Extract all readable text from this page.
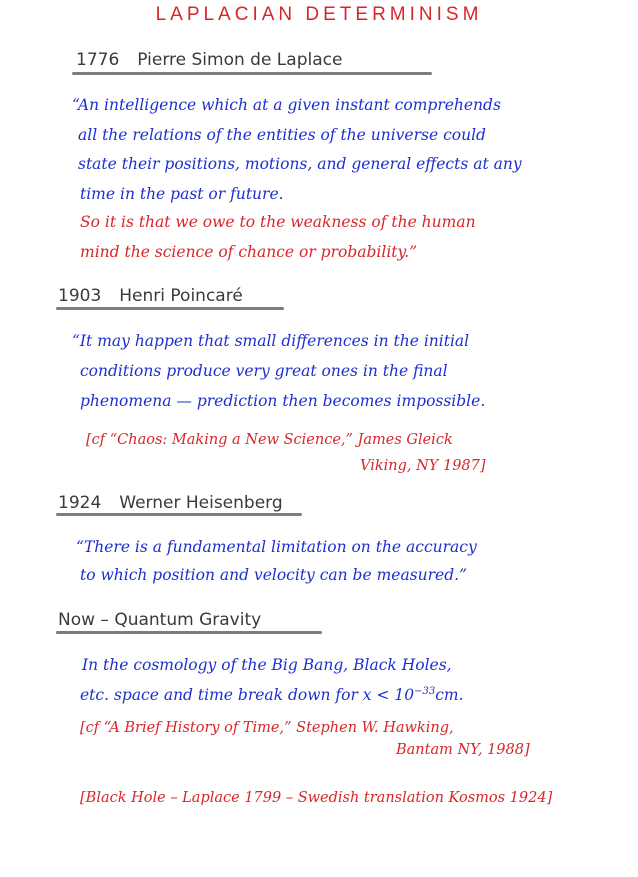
LAPLACIAN DETERMINISM
1776 Pierre Simon de Laplace
“An intelligence which at a given instant comprehends
all the relations of the entities of the universe could
state their positions, motions, and general effects at any
time in the past or future.
So it is that we owe to the weakness of the human
mind the science of chance or probability.”
1903 Henri Poincaré
“It may happen that small differences in the initial
conditions produce very great ones in the final
phenomena — prediction then becomes impossible.
[cf “Chaos: Making a New Science,” James Gleick
Viking, NY 1987]
1924 Werner Heisenberg
“There is a fundamental limitation on the accuracy
to which position and velocity can be measured.”
Now – Quantum Gravity
In the cosmology of the Big Bang, Black Holes,
etc. space and time break down for $x < 10^{-33}cm$.
[cf “A Brief History of Time,” Stephen W. Hawking,
Bantam NY, 1988]
[Black Hole – Laplace 1799 – Swedish translation Kosmos 1924]
